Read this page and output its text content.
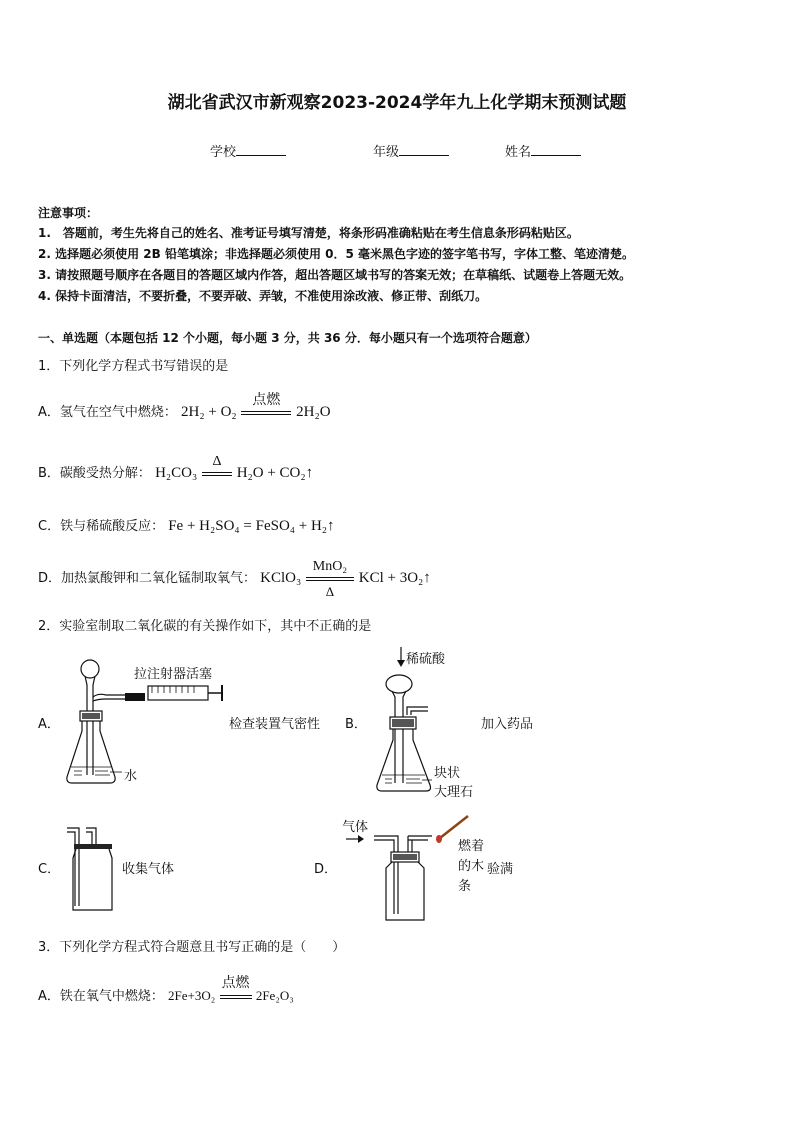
湖北省武汉市新观察2023-2024学年九上化学期末预测试题
学校	年级	姓名
注意事项：
1.　答题前，考生先将自己的姓名、准考证号填写清楚，将条形码准确粘贴在考生信息条形码粘贴区。
2. 选择题必须使用 2B 铅笔填涂；非选择题必须使用 0．5 毫米黑色字迹的签字笔书写，字体工整、笔迹清楚。
3. 请按照题号顺序在各题目的答题区域内作答，超出答题区域书写的答案无效；在草稿纸、试题卷上答题无效。
4. 保持卡面清洁，不要折叠，不要弄破、弄皱，不准使用涂改液、修正带、刮纸刀。
一、单选题（本题包括 12 个小题，每小题 3 分，共 36 分．每小题只有一个选项符合题意）
1．下列化学方程式书写错误的是
A．氢气在空气中燃烧： 2H₂ + O₂
点燃
2H₂O
B．碳酸受热分解： H₂CO₃
Δ
H₂O + CO₂↑
C．铁与稀硫酸反应： Fe + H₂SO₄ = FeSO₄ + H₂↑
D．加热氯酸钾和二氧化锰制取氧气： KClO₃
MnO₂
Δ
KCl + 3O₂↑
2．实验室制取二氧化碳的有关操作如下，其中不正确的是
A．
拉注射器活塞
水
检查装置气密性 B．
稀硫酸
加入药品
块状
大理石
C．	收集气体	D．
气体
燃着
的木
条
验满
3．下列化学方程式符合题意且书写正确的是（　　）
A．铁在氧气中燃烧： 2Fe+3O₂
点燃
2Fe₂O₃
